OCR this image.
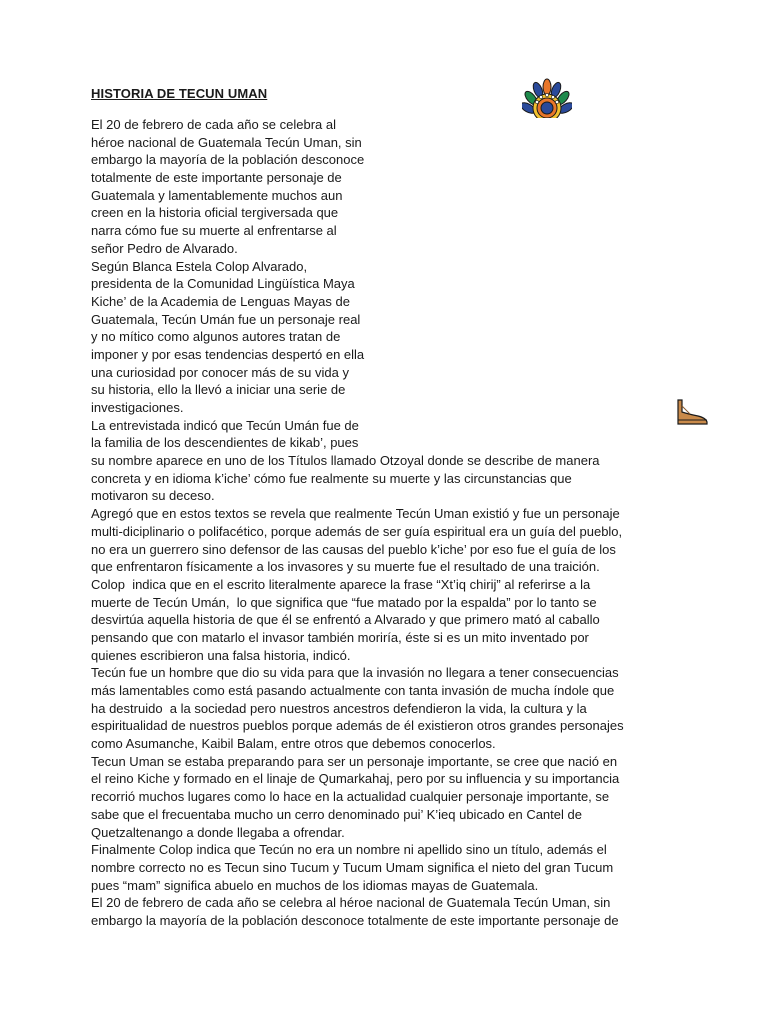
HISTORIA DE TECUN UMAN
El 20 de febrero de cada año se celebra al
héroe nacional de Guatemala Tecún Uman, sin
embargo la mayoría de la población desconoce
totalmente de este importante personaje de
Guatemala y lamentablemente muchos aun
creen en la historia oficial tergiversada que
narra cómo fue su muerte al enfrentarse al
señor Pedro de Alvarado.
Según Blanca Estela Colop Alvarado,
presidenta de la Comunidad Lingüística Maya
Kiche’ de la Academia de Lenguas Mayas de
Guatemala, Tecún Umán fue un personaje real
y no mítico como algunos autores tratan de
imponer y por esas tendencias despertó en ella
una curiosidad por conocer más de su vida y
su historia, ello la llevó a iniciar una serie de
investigaciones.
La entrevistada indicó que Tecún Umán fue de
la familia de los descendientes de kikab’, pues
su nombre aparece en uno de los Títulos llamado Otzoyal donde se describe de manera
concreta y en idioma k’iche’ cómo fue realmente su muerte y las circunstancias que
motivaron su deceso.
Agregó que en estos textos se revela que realmente Tecún Uman existió y fue un personaje
multi-diciplinario o polifacético, porque además de ser guía espiritual era un guía del pueblo,
no era un guerrero sino defensor de las causas del pueblo k’iche’ por eso fue el guía de los
que enfrentaron físicamente a los invasores y su muerte fue el resultado de una traición.
Colop  indica que en el escrito literalmente aparece la frase “Xt’iq chirij” al referirse a la
muerte de Tecún Umán,  lo que significa que “fue matado por la espalda” por lo tanto se
desvirtúa aquella historia de que él se enfrentó a Alvarado y que primero mató al caballo
pensando que con matarlo el invasor también moriría, éste si es un mito inventado por
quienes escribieron una falsa historia, indicó.
Tecún fue un hombre que dio su vida para que la invasión no llegara a tener consecuencias
más lamentables como está pasando actualmente con tanta invasión de mucha índole que
ha destruido  a la sociedad pero nuestros ancestros defendieron la vida, la cultura y la
espiritualidad de nuestros pueblos porque además de él existieron otros grandes personajes
como Asumanche, Kaibil Balam, entre otros que debemos conocerlos.
Tecun Uman se estaba preparando para ser un personaje importante, se cree que nació en
el reino Kiche y formado en el linaje de Qumarkahaj, pero por su influencia y su importancia
recorrió muchos lugares como lo hace en la actualidad cualquier personaje importante, se
sabe que el frecuentaba mucho un cerro denominado pui’ K’ieq ubicado en Cantel de
Quetzaltenango a donde llegaba a ofrendar.
Finalmente Colop indica que Tecún no era un nombre ni apellido sino un título, además el
nombre correcto no es Tecun sino Tucum y Tucum Umam significa el nieto del gran Tucum
pues “mam” significa abuelo en muchos de los idiomas mayas de Guatemala.
El 20 de febrero de cada año se celebra al héroe nacional de Guatemala Tecún Uman, sin
embargo la mayoría de la población desconoce totalmente de este importante personaje de
